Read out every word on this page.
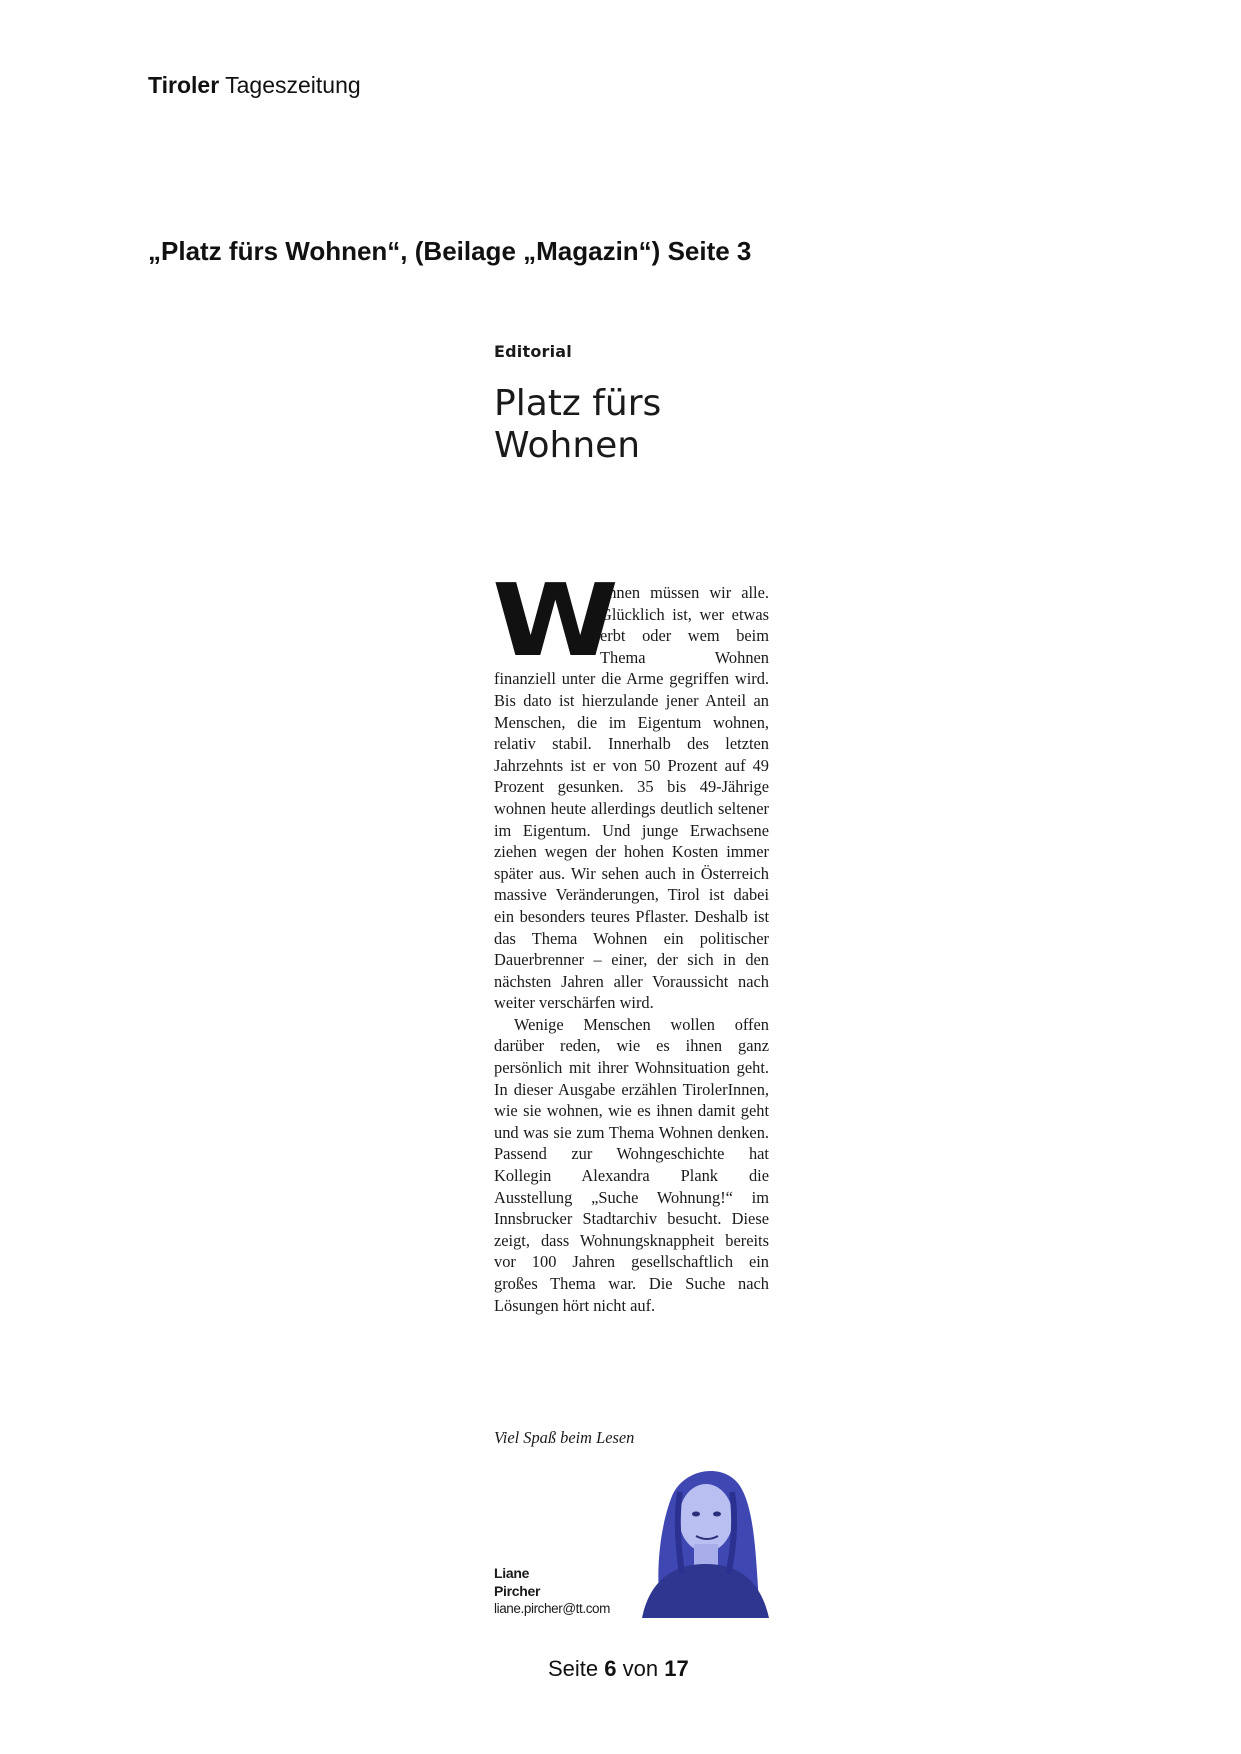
Tiroler Tageszeitung
„Platz fürs Wohnen“, (Beilage „Magazin“) Seite 3
Editorial
Platz fürs
Wohnen

W
ohnen müssen wir alle. Glücklich ist, wer etwas erbt oder wem beim Thema Wohnen finanziell unter die Arme gegriffen wird. Bis dato ist hierzulande jener Anteil an Menschen, die im Eigentum wohnen, relativ stabil. Innerhalb des letzten Jahrzehnts ist er von 50 Prozent auf 49 Prozent gesunken. 35 bis 49-Jährige wohnen heute allerdings deutlich seltener im Eigentum. Und junge Erwachsene ziehen wegen der hohen Kosten immer später aus. Wir sehen auch in Österreich massive Veränderungen, Tirol ist dabei ein besonders teures Pflaster. Deshalb ist das Thema Wohnen ein politischer Dauerbrenner – einer, der sich in den nächsten Jahren aller Voraussicht nach weiter verschärfen wird.

Wenige Menschen wollen offen darüber reden, wie es ihnen ganz persönlich mit ihrer Wohnsituation geht. In dieser Ausgabe erzählen TirolerInnen, wie sie wohnen, wie es ihnen damit geht und was sie zum Thema Wohnen denken. Passend zur Wohngeschichte hat Kollegin Alexandra Plank die Ausstellung „Suche Wohnung!“ im Innsbrucker Stadtarchiv besucht. Diese zeigt, dass Wohnungsknappheit bereits vor 100 Jahren gesellschaftlich ein großes Thema war. Die Suche nach Lösungen hört nicht auf.

Viel Spaß beim Lesen
Liane
Pircher
liane.pircher@tt.com
Seite 6 von 17
